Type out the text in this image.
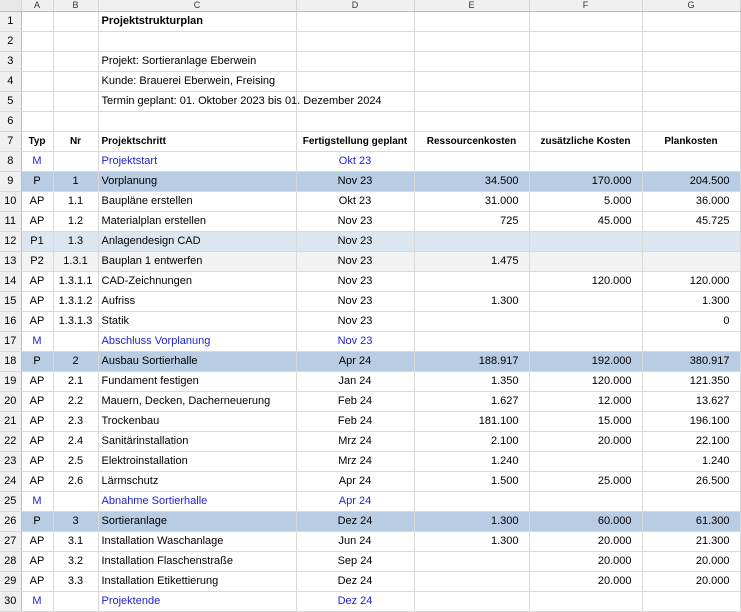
	A	B	C	D	E	F	G
1			Projektstrukturplan				
2							
3			Projekt: Sortieranlage Eberwein				
4			Kunde: Brauerei Eberwein, Freising				
5			Termin geplant: 01. Oktober 2023 bis 01. Dezember 2024				
6							
7	Typ	Nr	Projektschritt	Fertigstellung geplant	Ressourcenkosten	zusätzliche Kosten	Plankosten
8	M		Projektstart	Okt 23			
9	P	1	Vorplanung	Nov 23	34.500	170.000	204.500
10	AP	1.1	Baupläne erstellen	Okt 23	31.000	5.000	36.000
11	AP	1.2	Materialplan erstellen	Nov 23	725	45.000	45.725
12	P1	1.3	Anlagendesign CAD	Nov 23			
13	P2	1.3.1	Bauplan 1 entwerfen	Nov 23	1.475		
14	AP	1.3.1.1	CAD-Zeichnungen	Nov 23		120.000	120.000
15	AP	1.3.1.2	Aufriss	Nov 23	1.300		1.300
16	AP	1.3.1.3	Statik	Nov 23			0
17	M		Abschluss Vorplanung	Nov 23			
18	P	2	Ausbau Sortierhalle	Apr 24	188.917	192.000	380.917
19	AP	2.1	Fundament festigen	Jan 24	1.350	120.000	121.350
20	AP	2.2	Mauern, Decken, Dacherneuerung	Feb 24	1.627	12.000	13.627
21	AP	2.3	Trockenbau	Feb 24	181.100	15.000	196.100
22	AP	2.4	Sanitärinstallation	Mrz 24	2.100	20.000	22.100
23	AP	2.5	Elektroinstallation	Mrz 24	1.240		1.240
24	AP	2.6	Lärmschutz	Apr 24	1.500	25.000	26.500
25	M		Abnahme Sortierhalle	Apr 24			
26	P	3	Sortieranlage	Dez 24	1.300	60.000	61.300
27	AP	3.1	Installation Waschanlage	Jun 24	1.300	20.000	21.300
28	AP	3.2	Installation Flaschenstraße	Sep 24		20.000	20.000
29	AP	3.3	Installation Etikettierung	Dez 24		20.000	20.000
30	M		Projektende	Dez 24			
